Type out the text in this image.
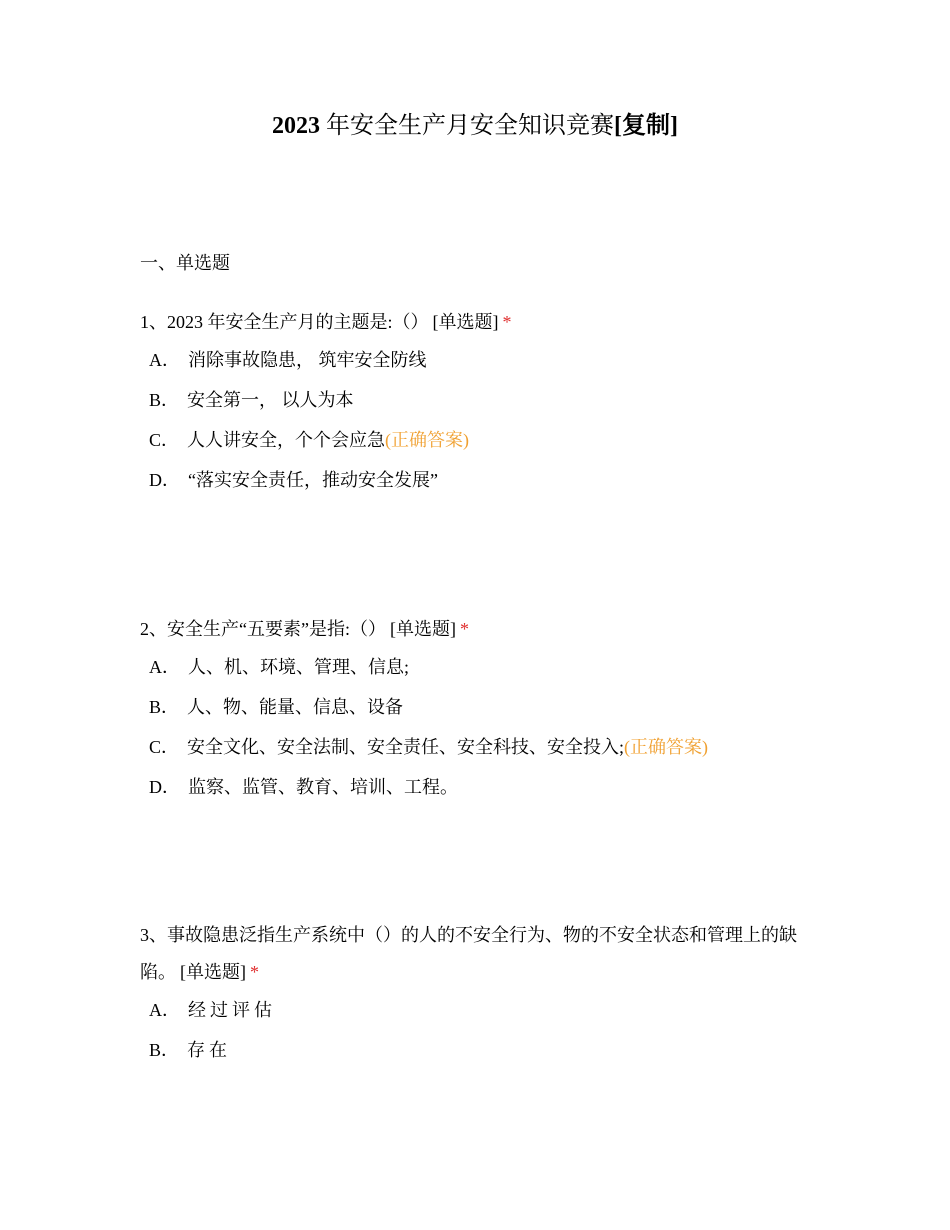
2023 年安全生产月安全知识竞赛[复制]
一、单选题
1、2023 年安全生产月的主题是:（） [单选题] *
A． 消除事故隐患， 筑牢安全防线
B． 安全第一， 以人为本
C． 人人讲安全，个个会应急(正确答案)
D． “落实安全责任，推动安全发展”
2、安全生产“五要素”是指:（） [单选题] *
A． 人、机、环境、管理、信息;
B． 人、物、能量、信息、设备
C． 安全文化、安全法制、安全责任、安全科技、安全投入;(正确答案)
D． 监察、监管、教育、培训、工程。
3、事故隐患泛指生产系统中（）的人的不安全行为、物的不安全状态和管理上的缺陷。 [单选题] *
A． 经过评估
B． 存在
